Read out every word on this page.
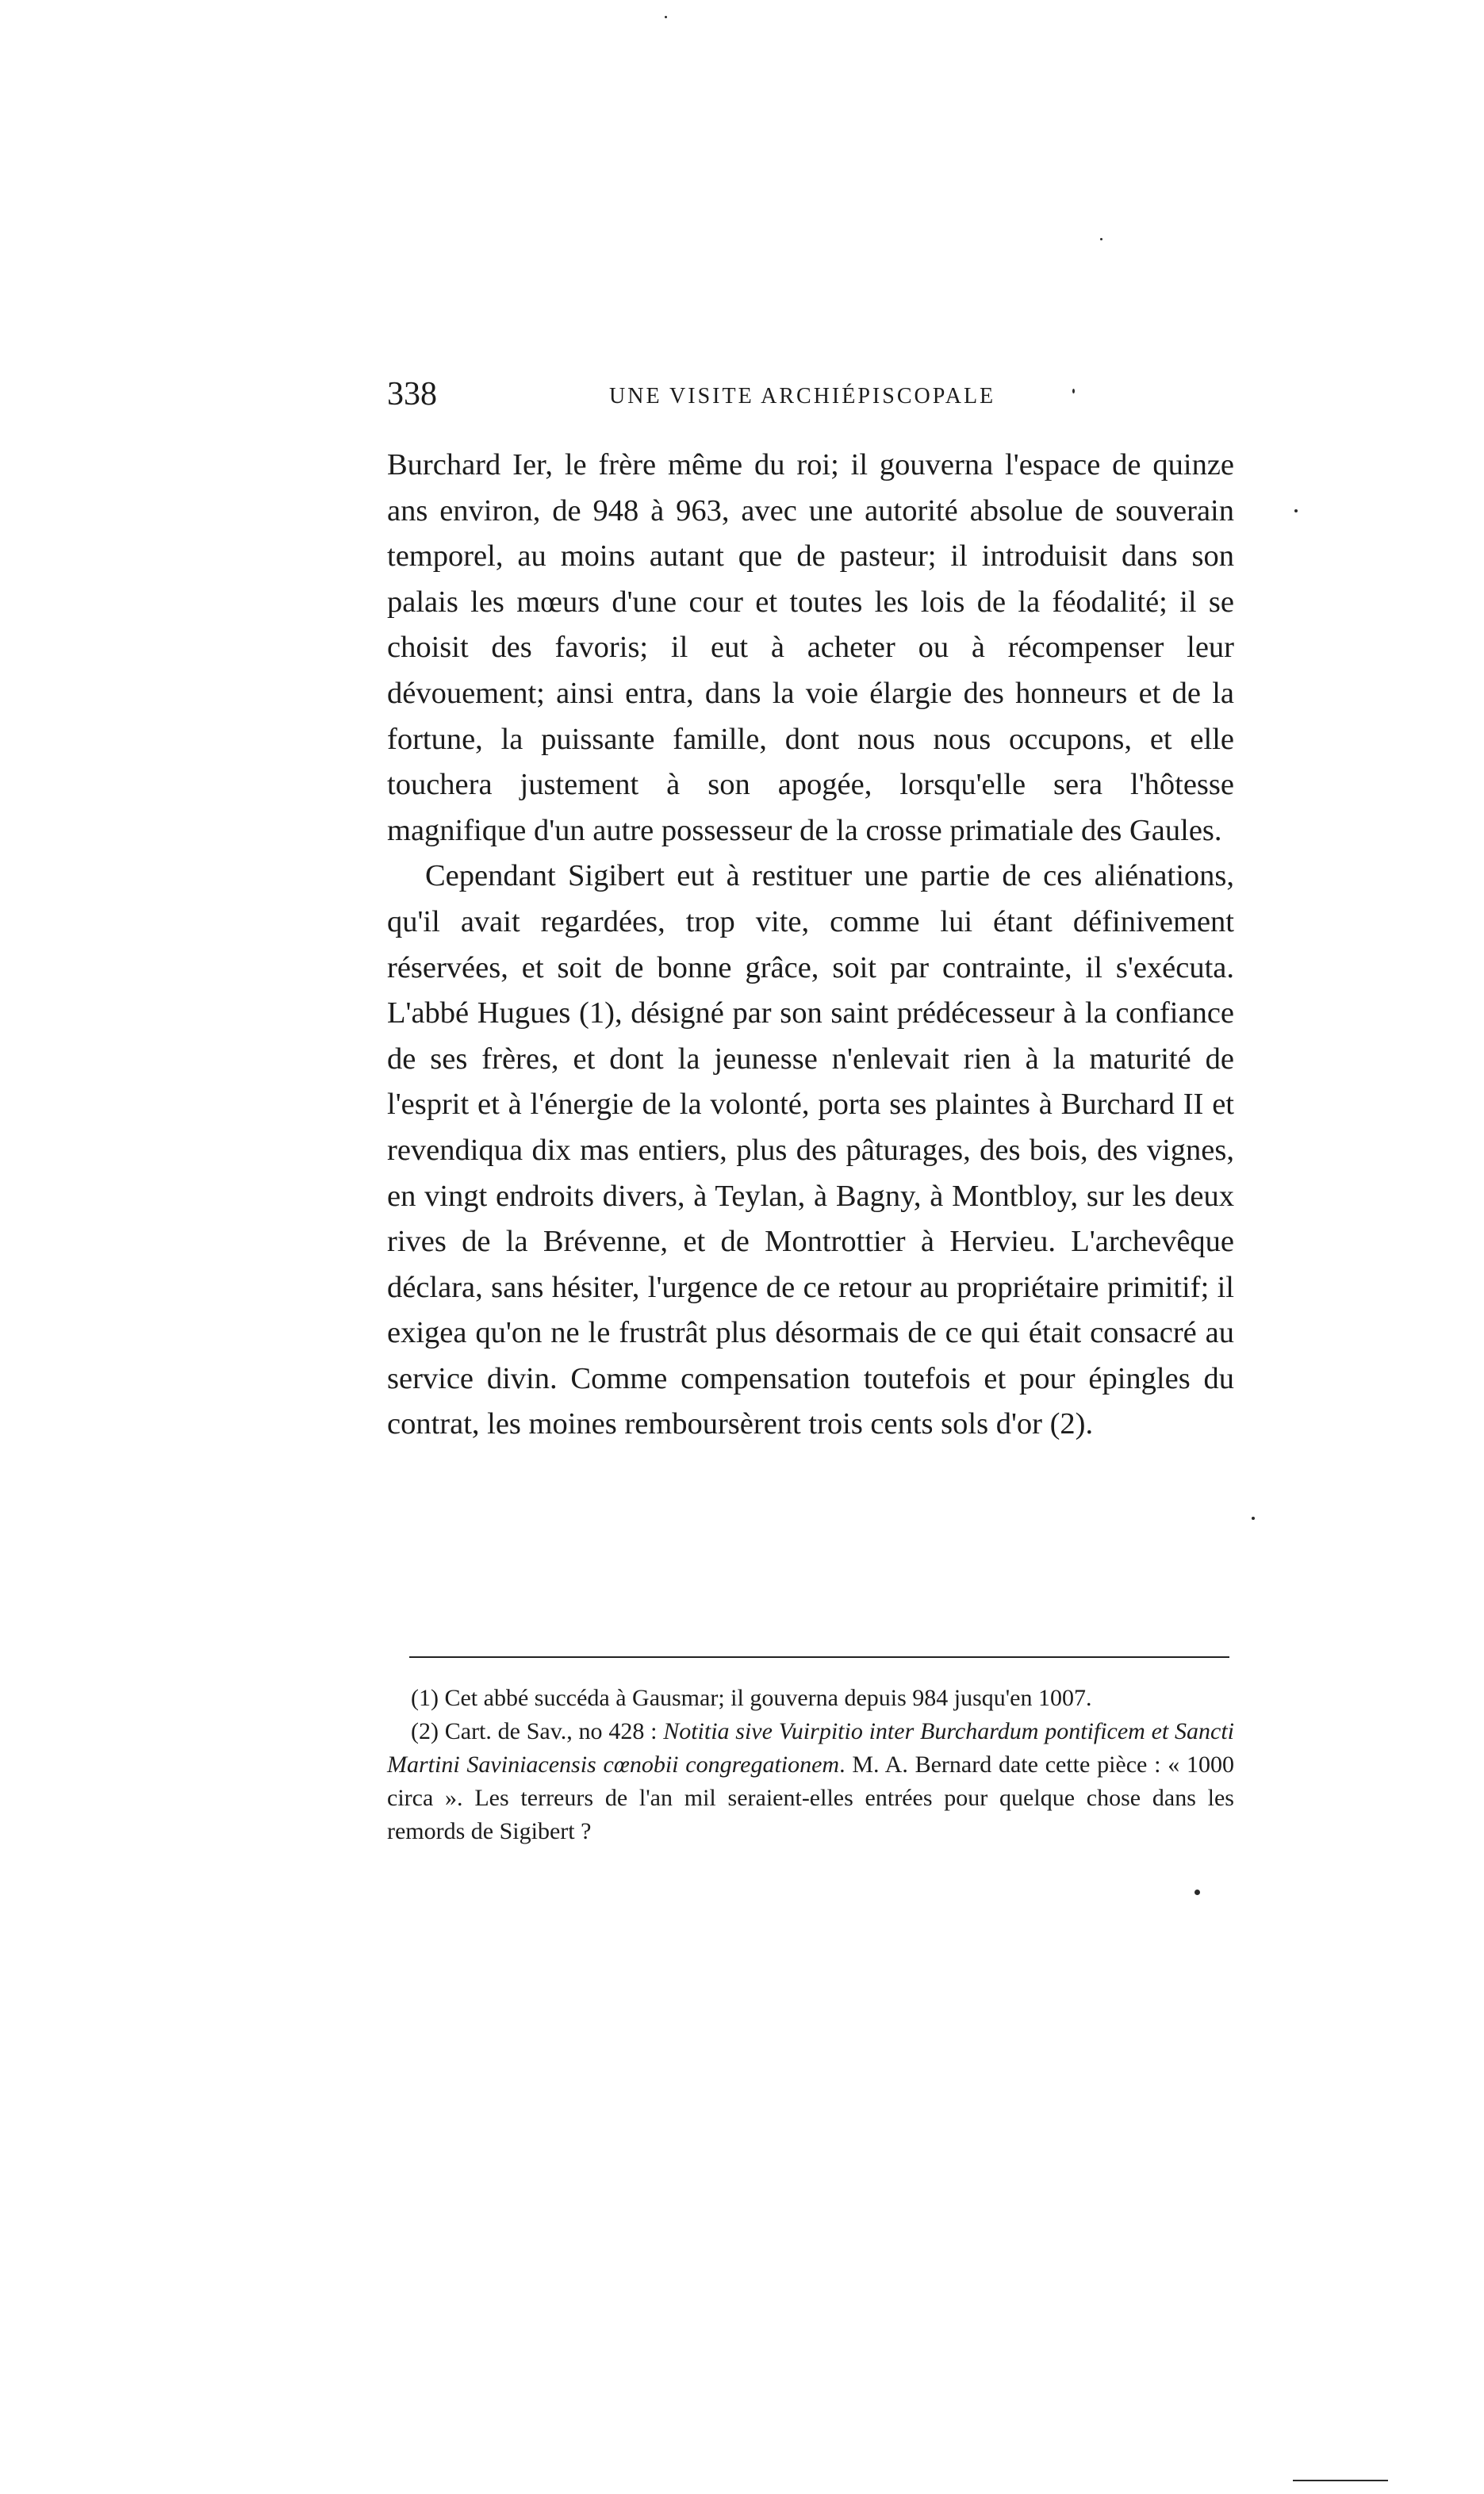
338	UNE VISITE ARCHIÉPISCOPALE

Burchard Ier, le frère même du roi; il gouverna l'espace de quinze ans environ, de 948 à 963, avec une autorité absolue de souverain temporel, au moins autant que de pasteur; il introduisit dans son palais les mœurs d'une cour et toutes les lois de la féodalité; il se choisit des favoris; il eut à acheter ou à récompenser leur dévouement; ainsi entra, dans la voie élargie des honneurs et de la fortune, la puissante famille, dont nous nous occupons, et elle touchera justement à son apogée, lorsqu'elle sera l'hôtesse magnifique d'un autre possesseur de la crosse primatiale des Gaules.

Cependant Sigibert eut à restituer une partie de ces aliénations, qu'il avait regardées, trop vite, comme lui étant définivement réservées, et soit de bonne grâce, soit par contrainte, il s'exécuta. L'abbé Hugues (1), désigné par son saint prédécesseur à la confiance de ses frères, et dont la jeunesse n'enlevait rien à la maturité de l'esprit et à l'énergie de la volonté, porta ses plaintes à Burchard II et revendiqua dix mas entiers, plus des pâturages, des bois, des vignes, en vingt endroits divers, à Teylan, à Bagny, à Montbloy, sur les deux rives de la Brévenne, et de Montrottier à Hervieu. L'archevêque déclara, sans hésiter, l'urgence de ce retour au propriétaire primitif; il exigea qu'on ne le frustrât plus désormais de ce qui était consacré au service divin. Comme compensation toutefois et pour épingles du contrat, les moines remboursèrent trois cents sols d'or (2).

(1) Cet abbé succéda à Gausmar; il gouverna depuis 984 jusqu'en 1007.

(2) Cart. de Sav., no 428 : Notitia sive Vuirpitio inter Burchardum pontificem et Sancti Martini Saviniacensis cœnobii congregationem. M. A. Bernard date cette pièce : « 1000 circa ». Les terreurs de l'an mil seraient-elles entrées pour quelque chose dans les remords de Sigibert ?
